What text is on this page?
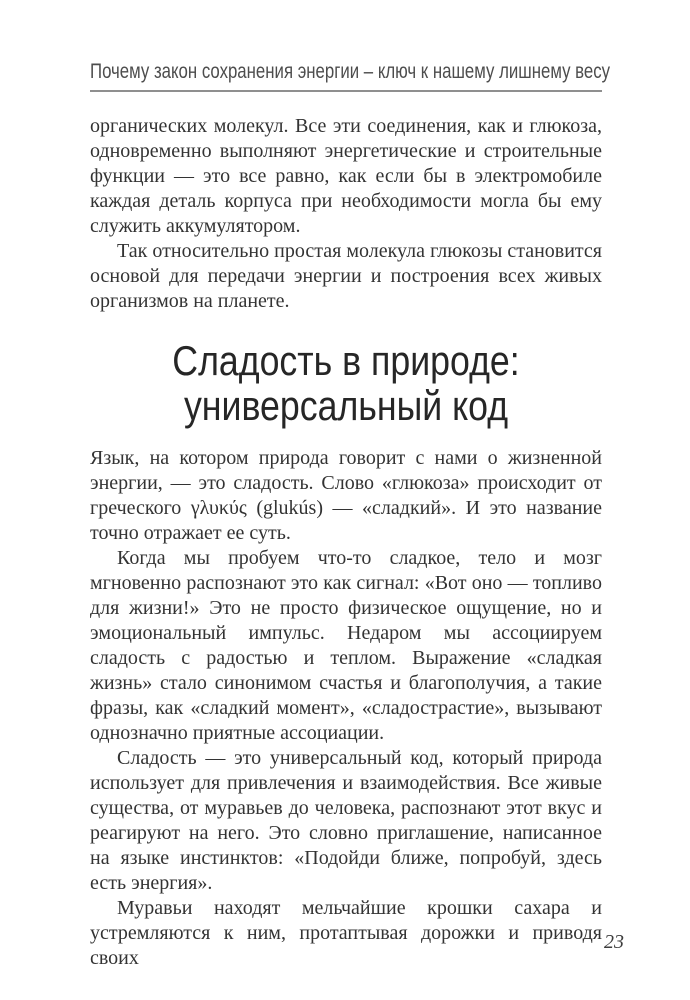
Почему закон сохранения энергии – ключ к нашему лишнему весу

органических молекул. Все эти соединения, как и глюкоза, одновременно выполняют энергетические и строительные функции — это все равно, как если бы в электромобиле каждая деталь корпуса при необходимости могла бы ему служить аккумулятором.

Так относительно простая молекула глюкозы становится основой для передачи энергии и построения всех живых организмов на планете.

Сладость в природе:
универсальный код

Язык, на котором природа говорит с нами о жизненной энергии, — это сладость. Слово «глюкоза» происходит от греческого γλυκύς (glukús) — «сладкий». И это название точно отражает ее суть.

Когда мы пробуем что-то сладкое, тело и мозг мгновенно распознают это как сигнал: «Вот оно — топливо для жизни!» Это не просто физическое ощущение, но и эмоциональный импульс. Недаром мы ассоциируем сладость с радостью и теплом. Выражение «сладкая жизнь» стало синонимом счастья и благополучия, а такие фразы, как «сладкий момент», «сладострастие», вызывают однозначно приятные ассоциации.

Сладость — это универсальный код, который природа использует для привлечения и взаимодействия. Все живые существа, от муравьев до человека, распознают этот вкус и реагируют на него. Это словно приглашение, написанное на языке инстинктов: «Подойди ближе, попробуй, здесь есть энергия».

Муравьи находят мельчайшие крошки сахара и устремляются к ним, протаптывая дорожки и приводя своих

23
